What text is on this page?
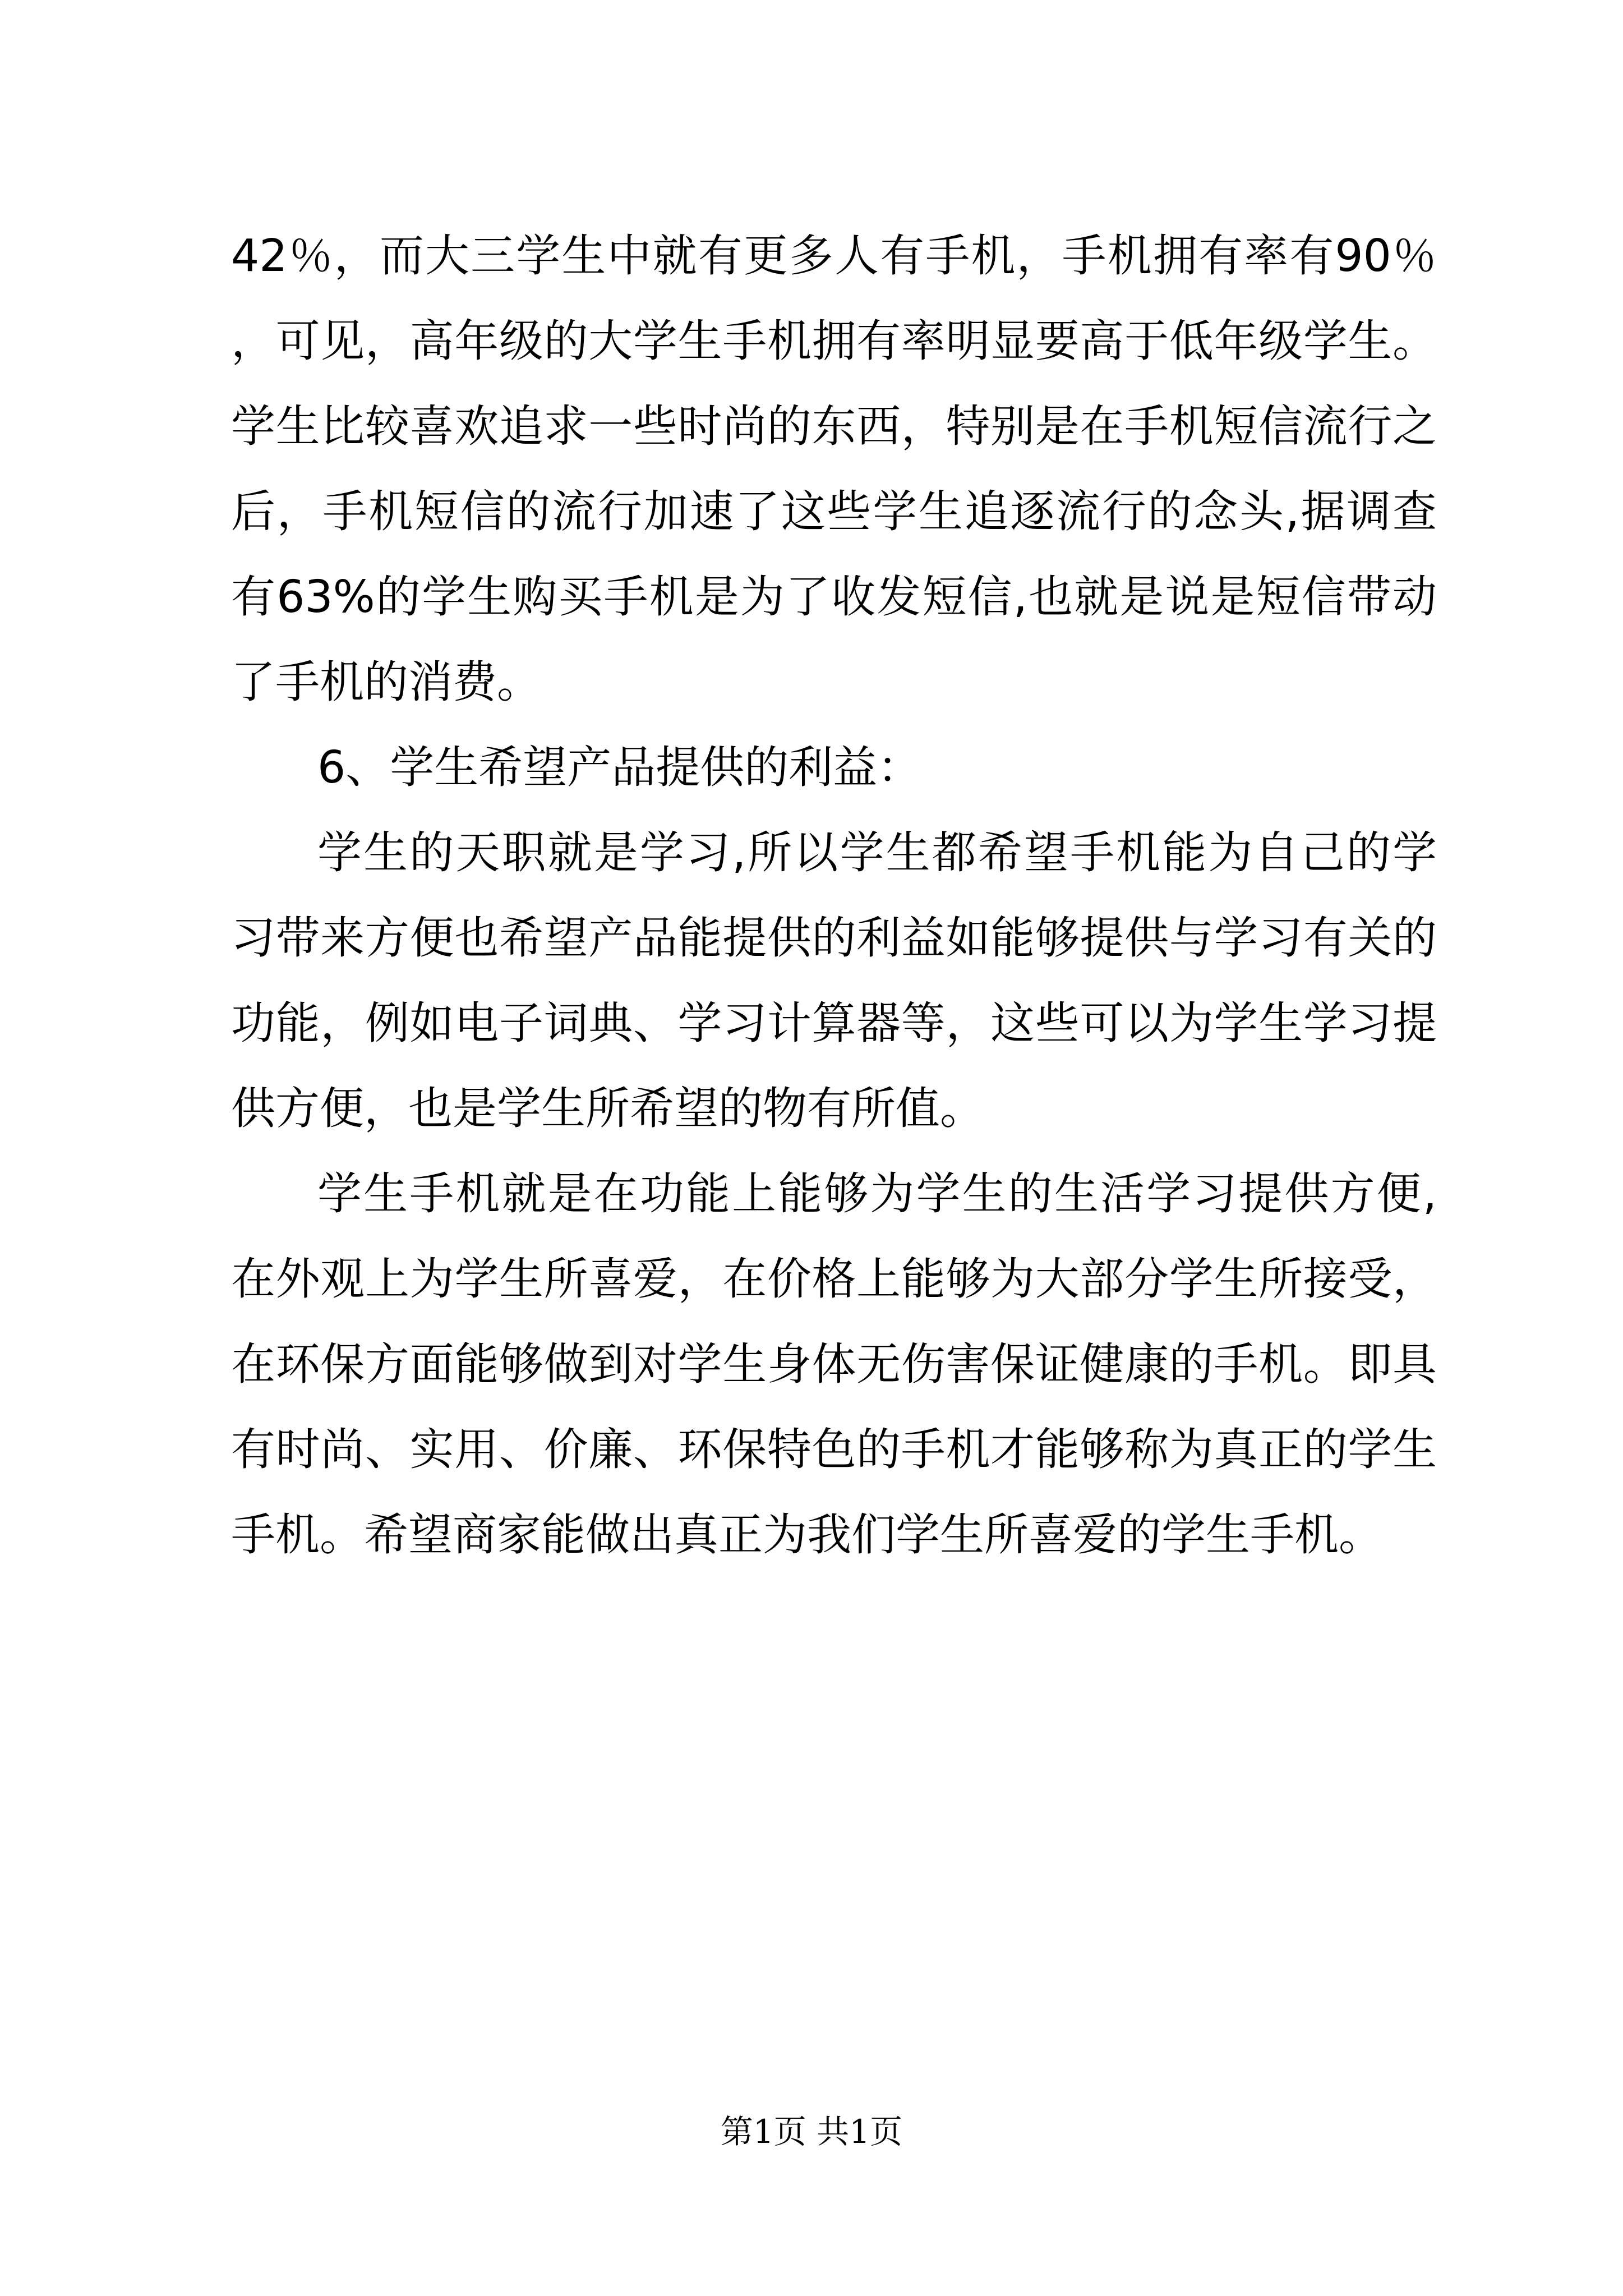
42％，而大三学生中就有更多人有手机，手机拥有率有90％，可见，高年级的大学生手机拥有率明显要高于低年级学生。学生比较喜欢追求一些时尚的东西，特别是在手机短信流行之后，手机短信的流行加速了这些学生追逐流行的念头,据调查有63%的学生购买手机是为了收发短信,也就是说是短信带动了手机的消费。

6、学生希望产品提供的利益：

学生的天职就是学习,所以学生都希望手机能为自己的学习带来方便也希望产品能提供的利益如能够提供与学习有关的功能，例如电子词典、学习计算器等，这些可以为学生学习提供方便，也是学生所希望的物有所值。

学生手机就是在功能上能够为学生的生活学习提供方便,在外观上为学生所喜爱，在价格上能够为大部分学生所接受，在环保方面能够做到对学生身体无伤害保证健康的手机。即具有时尚、实用、价廉、环保特色的手机才能够称为真正的学生手机。希望商家能做出真正为我们学生所喜爱的学生手机。

第1页 共1页
